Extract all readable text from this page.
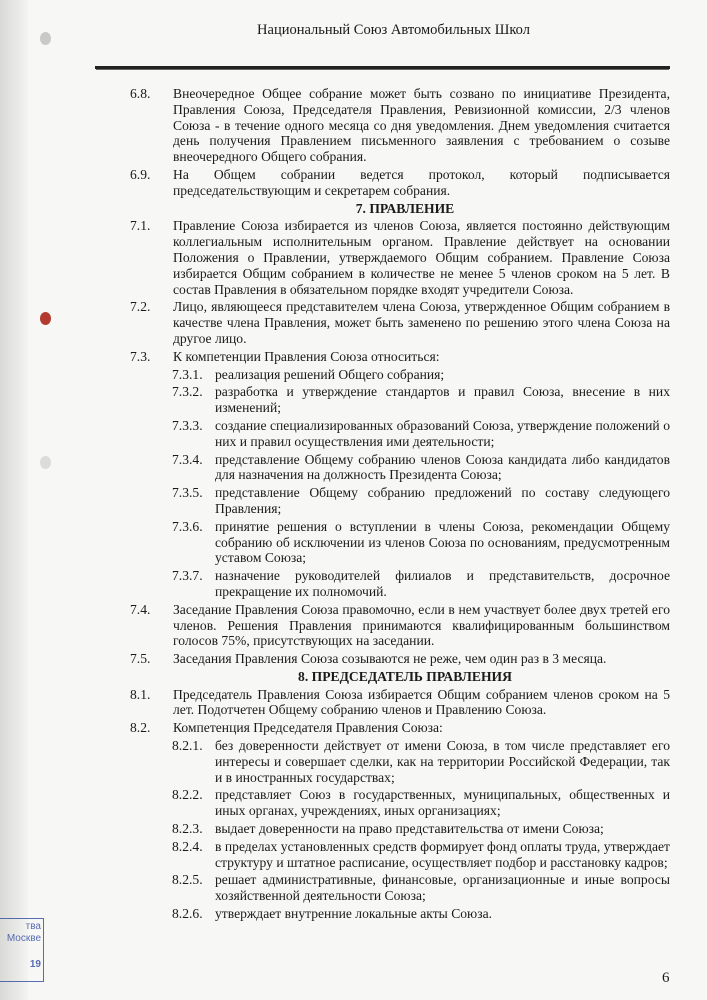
Национальный Союз Автомобильных Школ
6.8. Внеочередное Общее собрание может быть созвано по инициативе Президента, Правления Союза, Председателя Правления, Ревизионной комиссии, 2/3 членов Союза - в течение одного месяца со дня уведомления. Днем уведомления считается день получения Правлением письменного заявления с требованием о созыве внеочередного Общего собрания.
6.9. На Общем собрании ведется протокол, который подписывается председательствующим и секретарем собрания.
7. ПРАВЛЕНИЕ
7.1. Правление Союза избирается из членов Союза, является постоянно действующим коллегиальным исполнительным органом. Правление действует на основании Положения о Правлении, утверждаемого Общим собранием. Правление Союза избирается Общим собранием в количестве не менее 5 членов сроком на 5 лет. В состав Правления в обязательном порядке входят учредители Союза.
7.2. Лицо, являющееся представителем члена Союза, утвержденное Общим собранием в качестве члена Правления, может быть заменено по решению этого члена Союза на другое лицо.
7.3. К компетенции Правления Союза относиться:
7.3.1. реализация решений Общего собрания;
7.3.2. разработка и утверждение стандартов и правил Союза, внесение в них изменений;
7.3.3. создание специализированных образований Союза, утверждение положений о них и правил осуществления ими деятельности;
7.3.4. представление Общему собранию членов Союза кандидата либо кандидатов для назначения на должность Президента Союза;
7.3.5. представление Общему собранию предложений по составу следующего Правления;
7.3.6. принятие решения о вступлении в члены Союза, рекомендации Общему собранию об исключении из членов Союза по основаниям, предусмотренным уставом Союза;
7.3.7. назначение руководителей филиалов и представительств, досрочное прекращение их полномочий.
7.4. Заседание Правления Союза правомочно, если в нем участвует более двух третей его членов. Решения Правления принимаются квалифицированным большинством голосов 75%, присутствующих на заседании.
7.5. Заседания Правления Союза созываются не реже, чем один раз в 3 месяца.
8. ПРЕДСЕДАТЕЛЬ ПРАВЛЕНИЯ
8.1. Председатель Правления Союза избирается Общим собранием членов сроком на 5 лет. Подотчетен Общему собранию членов и Правлению Союза.
8.2. Компетенция Председателя Правления Союза:
8.2.1. без доверенности действует от имени Союза, в том числе представляет его интересы и совершает сделки, как на территории Российской Федерации, так и в иностранных государствах;
8.2.2. представляет Союз в государственных, муниципальных, общественных и иных органах, учреждениях, иных организациях;
8.2.3. выдает доверенности на право представительства от имени Союза;
8.2.4. в пределах установленных средств формирует фонд оплаты труда, утверждает структуру и штатное расписание, осуществляет подбор и расстановку кадров;
8.2.5. решает административные, финансовые, организационные и иные вопросы хозяйственной деятельности Союза;
8.2.6. утверждает внутренние локальные акты Союза.
6
тва
Москве
19
